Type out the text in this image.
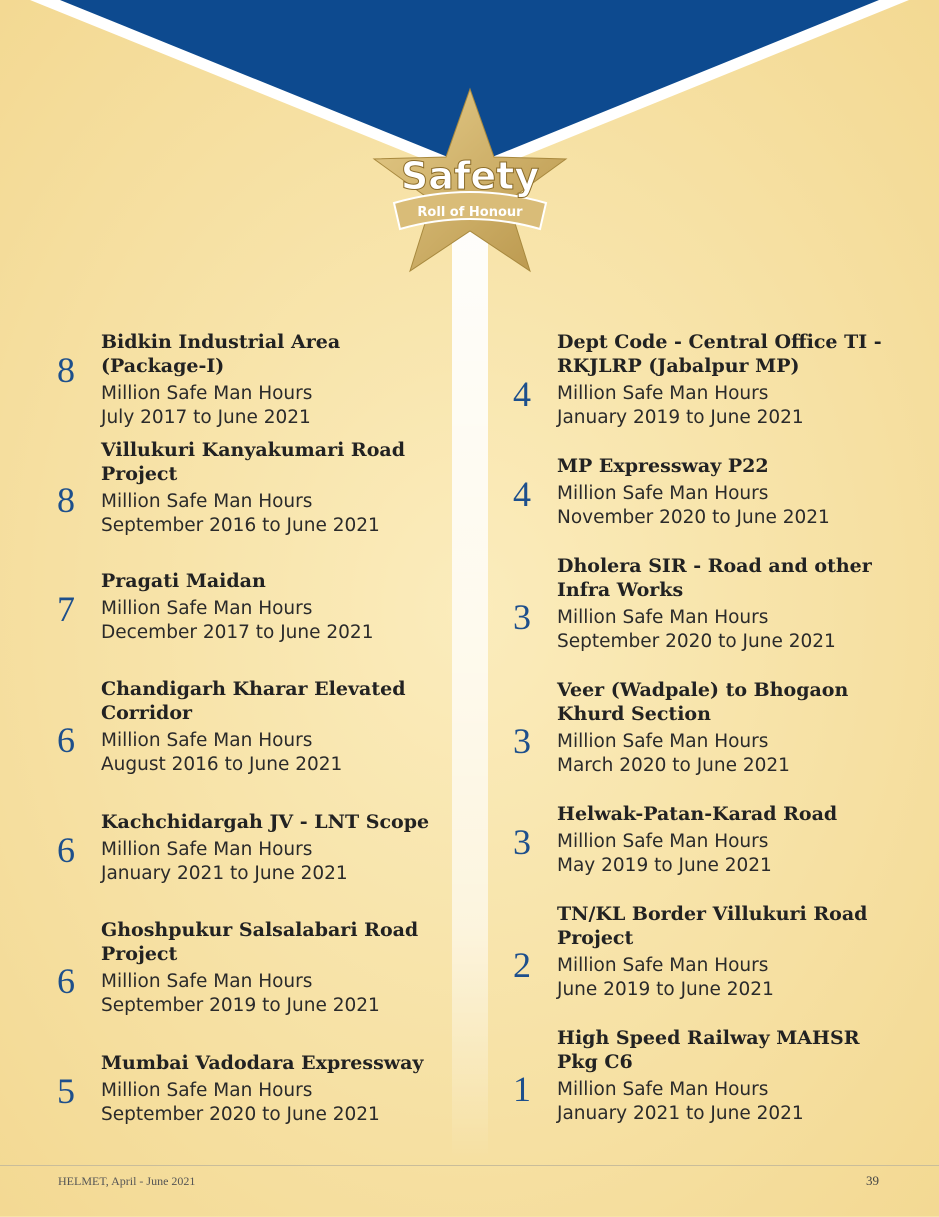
Safety
Roll of Honour
8
Bidkin Industrial Area (Package-I)
Million Safe Man Hours
July 2017 to June 2021
8
Villukuri Kanyakumari Road Project
Million Safe Man Hours
September 2016 to June 2021
7
Pragati Maidan
Million Safe Man Hours
December 2017 to June 2021
6
Chandigarh Kharar Elevated Corridor
Million Safe Man Hours
August 2016 to June 2021
6
Kachchidargah JV - LNT Scope
Million Safe Man Hours
January 2021 to June 2021
6
Ghoshpukur Salsalabari Road Project
Million Safe Man Hours
September 2019 to June 2021
5
Mumbai Vadodara Expressway
Million Safe Man Hours
September 2020 to June 2021
4
Dept Code - Central Office TI -RKJLRP (Jabalpur MP)
Million Safe Man Hours
January 2019 to June 2021
4
MP Expressway P22
Million Safe Man Hours
November 2020 to June 2021
3
Dholera SIR - Road and other Infra Works
Million Safe Man Hours
September 2020 to June 2021
3
Veer (Wadpale) to Bhogaon Khurd Section
Million Safe Man Hours
March 2020 to June 2021
3
Helwak-Patan-Karad Road
Million Safe Man Hours
May 2019 to June 2021
2
TN/KL Border Villukuri Road Project
Million Safe Man Hours
June 2019 to June 2021
1
High Speed Railway MAHSR Pkg C6
Million Safe Man Hours
January 2021 to June 2021
HELMET, April - June 2021	39
